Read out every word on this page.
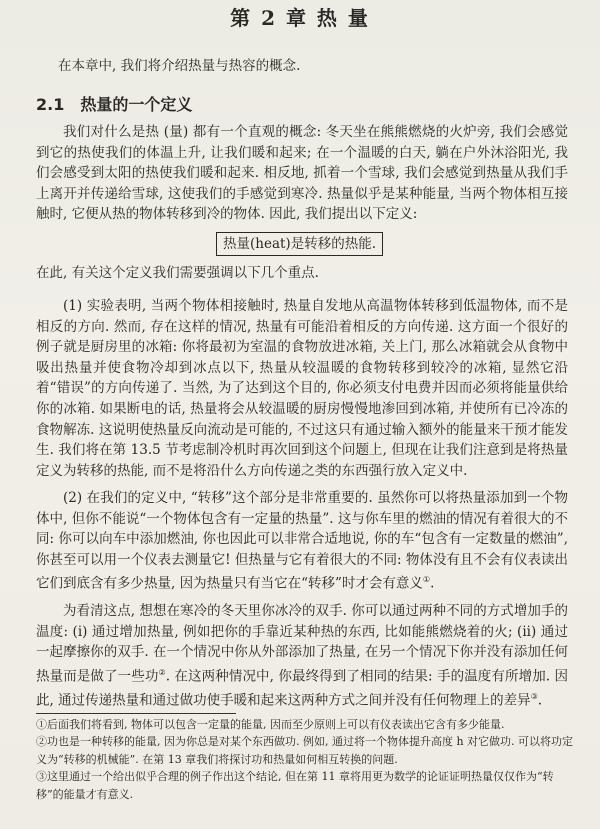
第 2 章 热 量
在本章中, 我们将介绍热量与热容的概念.
2.1 热量的一个定义
我们对什么是热 (量) 都有一个直观的概念: 冬天坐在熊熊燃烧的火炉旁, 我们会感觉到它的热使我们的体温上升, 让我们暖和起来; 在一个温暖的白天, 躺在户外沐浴阳光, 我们会感受到太阳的热使我们暖和起来. 相反地, 抓着一个雪球, 我们会感觉到热量从我们手上离开并传递给雪球, 这使我们的手感觉到寒冷. 热量似乎是某种能量, 当两个物体相互接触时, 它便从热的物体转移到冷的物体. 因此, 我们提出以下定义:
热量(heat)是转移的热能.
在此, 有关这个定义我们需要强调以下几个重点.
(1) 实验表明, 当两个物体相接触时, 热量自发地从高温物体转移到低温物体, 而不是相反的方向. 然而, 存在这样的情况, 热量有可能沿着相反的方向传递. 这方面一个很好的例子就是厨房里的冰箱: 你将最初为室温的食物放进冰箱, 关上门, 那么冰箱就会从食物中吸出热量并使食物冷却到冰点以下, 热量从较温暖的食物转移到较冷的冰箱, 显然它沿着“错误”的方向传递了. 当然, 为了达到这个目的, 你必须支付电费并因而必须将能量供给你的冰箱. 如果断电的话, 热量将会从较温暖的厨房慢慢地渗回到冰箱, 并使所有已冷冻的食物解冻. 这说明使热量反向流动是可能的, 不过这只有通过输入额外的能量来干预才能发生. 我们将在第 13.5 节考虑制冷机时再次回到这个问题上, 但现在让我们注意到是将热量定义为转移的热能, 而不是将沿什么方向传递之类的东西强行放入定义中.
(2) 在我们的定义中, “转移”这个部分是非常重要的. 虽然你可以将热量添加到一个物体中, 但你不能说“一个物体包含有一定量的热量”. 这与你车里的燃油的情况有着很大的不同: 你可以向车中添加燃油, 你也因此可以非常合适地说, 你的车“包含有一定数量的燃油”, 你甚至可以用一个仪表去测量它! 但热量与它有着很大的不同: 物体没有且不会有仪表读出它们到底含有多少热量, 因为热量只有当它在“转移”时才会有意义①.
为看清这点, 想想在寒冷的冬天里你冰冷的双手. 你可以通过两种不同的方式增加手的温度: (i) 通过增加热量, 例如把你的手靠近某种热的东西, 比如能熊燃烧着的火; (ii) 通过一起摩擦你的双手. 在一个情况中你从外部添加了热量, 在另一个情况下你并没有添加任何热量而是做了一些功②. 在这两种情况中, 你最终得到了相同的结果: 手的温度有所增加. 因此, 通过传递热量和通过做功使手暖和起来这两种方式之间并没有任何物理上的差异③.
①后面我们将看到, 物体可以包含一定量的能量, 因而至少原则上可以有仪表读出它含有多少能量.
②功也是一种转移的能量, 因为你总是对某个东西做功. 例如, 通过将一个物体提升高度 h 对它做功. 可以将功定义为“转移的机械能”. 在第 13 章我们将探讨功和热量如何相互转换的问题.
③这里通过一个给出似乎合理的例子作出这个结论, 但在第 11 章将用更为数学的论证证明热量仅仅作为“转移”的能量才有意义.
